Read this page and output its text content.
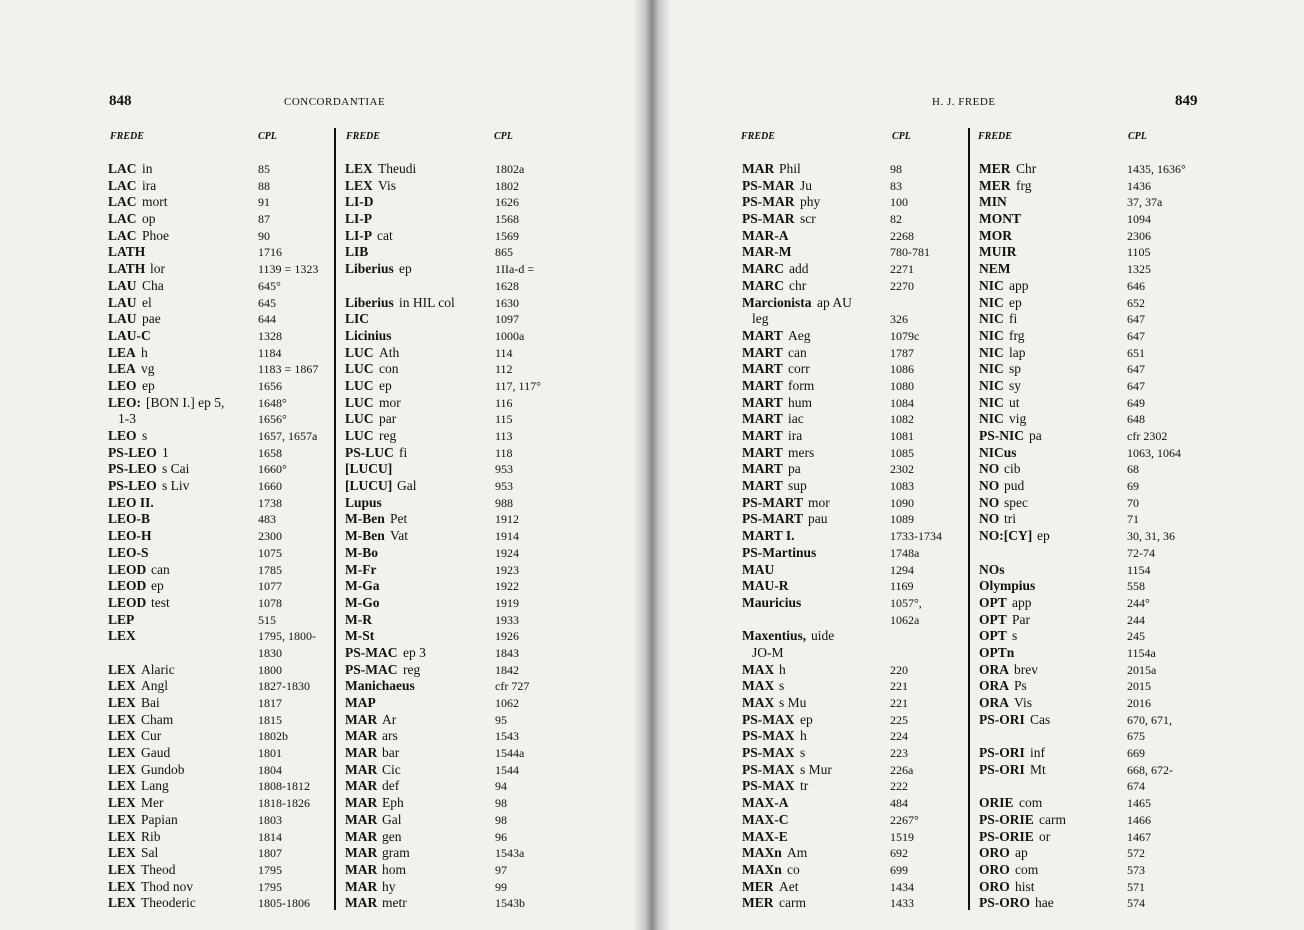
848	CONCORDANTIAE
FREDE	CPL	FREDE	CPL
LAC in	85
LAC ira	88
LAC mort	91
LAC op	87
LAC Phoe	90
LATH	1716
LATH lor	1139 = 1323
LAU Cha	645°
LAU el	645
LAU pae	644
LAU-C	1328
LEA h	1184
LEA vg	1183 = 1867
LEO ep	1656
LEO: [BON I.] ep 5,	1648°
1-3	1656°
LEO s	1657, 1657a
PS-LEO 1	1658
PS-LEO s Cai	1660°
PS-LEO s Liv	1660
LEO II.	1738
LEO-B	483
LEO-H	2300
LEO-S	1075
LEOD can	1785
LEOD ep	1077
LEOD test	1078
LEP	515
LEX	1795, 1800-
1830
LEX Alaric	1800
LEX Angl	1827-1830
LEX Bai	1817
LEX Cham	1815
LEX Cur	1802b
LEX Gaud	1801
LEX Gundob	1804
LEX Lang	1808-1812
LEX Mer	1818-1826
LEX Papian	1803
LEX Rib	1814
LEX Sal	1807
LEX Theod	1795
LEX Thod nov	1795
LEX Theoderic	1805-1806
LEX Theudi	1802a
LEX Vis	1802
LI-D	1626
LI-P	1568
LI-P cat	1569
LIB	865
Liberius ep	1IIa-d =
1628
Liberius in HIL col	1630
LIC	1097
Licinius	1000a
LUC Ath	114
LUC con	112
LUC ep	117, 117°
LUC mor	116
LUC par	115
LUC reg	113
PS-LUC fi	118
[LUCU]	953
[LUCU] Gal	953
Lupus	988
M-Ben Pet	1912
M-Ben Vat	1914
M-Bo	1924
M-Fr	1923
M-Ga	1922
M-Go	1919
M-R	1933
M-St	1926
PS-MAC ep 3	1843
PS-MAC reg	1842
Manichaeus	cfr 727
MAP	1062
MAR Ar	95
MAR ars	1543
MAR bar	1544a
MAR Cic	1544
MAR def	94
MAR Eph	98
MAR Gal	98
MAR gen	96
MAR gram	1543a
MAR hom	97
MAR hy	99
MAR metr	1543b
849
H. J. FREDE
FREDE	CPL	FREDE	CPL
MAR Phil	98
PS-MAR Ju	83
PS-MAR phy	100
PS-MAR scr	82
MAR-A	2268
MAR-M	780-781
MARC add	2271
MARC chr	2270
Marcionista ap AU
leg	326
MART Aeg	1079c
MART can	1787
MART corr	1086
MART form	1080
MART hum	1084
MART iac	1082
MART ira	1081
MART mers	1085
MART pa	2302
MART sup	1083
PS-MART mor	1090
PS-MART pau	1089
MART I.	1733-1734
PS-Martinus	1748a
MAU	1294
MAU-R	1169
Mauricius	1057°,
1062a
Maxentius, uide
JO-M
MAX h	220
MAX s	221
MAX s Mu	221
PS-MAX ep	225
PS-MAX h	224
PS-MAX s	223
PS-MAX s Mur	226a
PS-MAX tr	222
MAX-A	484
MAX-C	2267°
MAX-E	1519
MAXn Am	692
MAXn co	699
MER Aet	1434
MER carm	1433
MER Chr	1435, 1636°
MER frg	1436
MIN	37, 37a
MONT	1094
MOR	2306
MUIR	1105
NEM	1325
NIC app	646
NIC ep	652
NIC fi	647
NIC frg	647
NIC lap	651
NIC sp	647
NIC sy	647
NIC ut	649
NIC vig	648
PS-NIC pa	cfr 2302
NICus	1063, 1064
NO cib	68
NO pud	69
NO spec	70
NO tri	71
NO:[CY] ep	30, 31, 36
72-74
NOs	1154
Olympius	558
OPT app	244°
OPT Par	244
OPT s	245
OPTn	1154a
ORA brev	2015a
ORA Ps	2015
ORA Vis	2016
PS-ORI Cas	670, 671,
675
PS-ORI inf	669
PS-ORI Mt	668, 672-
674
ORIE com	1465
PS-ORIE carm	1466
PS-ORIE or	1467
ORO ap	572
ORO com	573
ORO hist	571
PS-ORO hae	574
